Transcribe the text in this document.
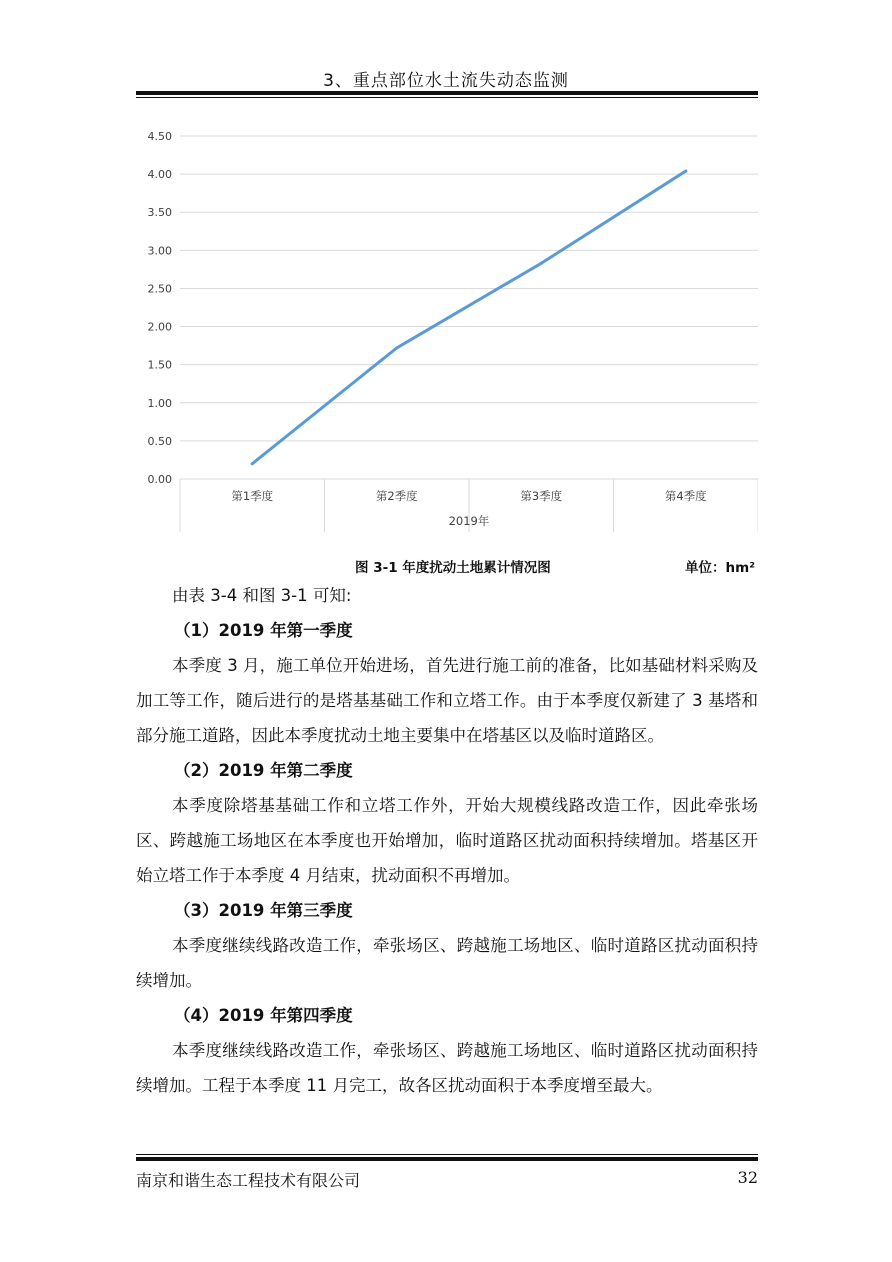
3、重点部位水土流失动态监测
0.00
0.50
1.00
1.50
2.00
2.50
3.00
3.50
4.00
4.50
第1季度	第2季度	第3季度	第4季度
2019年
图 3-1 年度扰动土地累计情况图	单位：hm²

由表 3-4 和图 3-1 可知:

（1）2019 年第一季度

本季度 3 月，施工单位开始进场，首先进行施工前的准备，比如基础材料采购及加工等工作，随后进行的是塔基基础工作和立塔工作。由于本季度仅新建了 3 基塔和部分施工道路，因此本季度扰动土地主要集中在塔基区以及临时道路区。

（2）2019 年第二季度

本季度除塔基基础工作和立塔工作外，开始大规模线路改造工作，因此牵张场区、跨越施工场地区在本季度也开始增加，临时道路区扰动面积持续增加。塔基区开始立塔工作于本季度 4 月结束，扰动面积不再增加。

（3）2019 年第三季度

本季度继续线路改造工作，牵张场区、跨越施工场地区、临时道路区扰动面积持续增加。

（4）2019 年第四季度

本季度继续线路改造工作，牵张场区、跨越施工场地区、临时道路区扰动面积持续增加。工程于本季度 11 月完工，故各区扰动面积于本季度增至最大。

南京和谐生态工程技术有限公司	32
